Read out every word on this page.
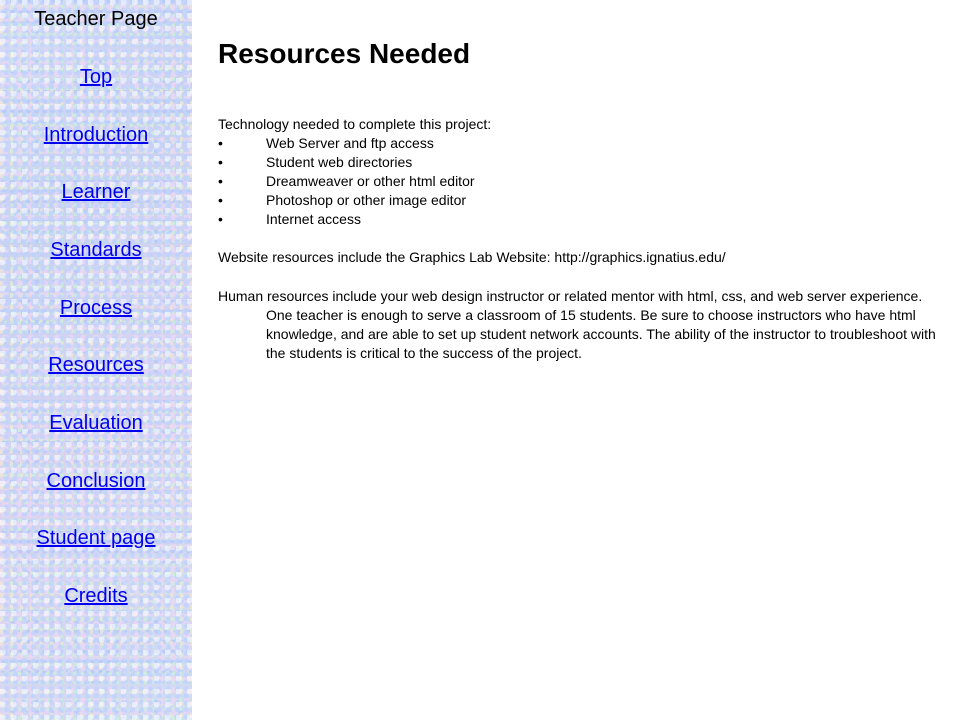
Teacher Page
Top
Introduction
Learner
Standards
Process
Resources
Evaluation
Conclusion
Student page
Credits
Resources Needed
Technology needed to complete this project:
•	Web Server and ftp access
•	Student web directories
•	Dreamweaver or other html editor
•	Photoshop or other image editor
•	Internet access
Website resources include the Graphics Lab Website: http://graphics.ignatius.edu/
Human resources include your web design instructor or related mentor with html, css, and web server experience. One teacher is enough to serve a classroom of 15 students. Be sure to choose instructors who have html knowledge, and are able to set up student network accounts. The ability of the instructor to troubleshoot with the students is critical to the success of the project.
